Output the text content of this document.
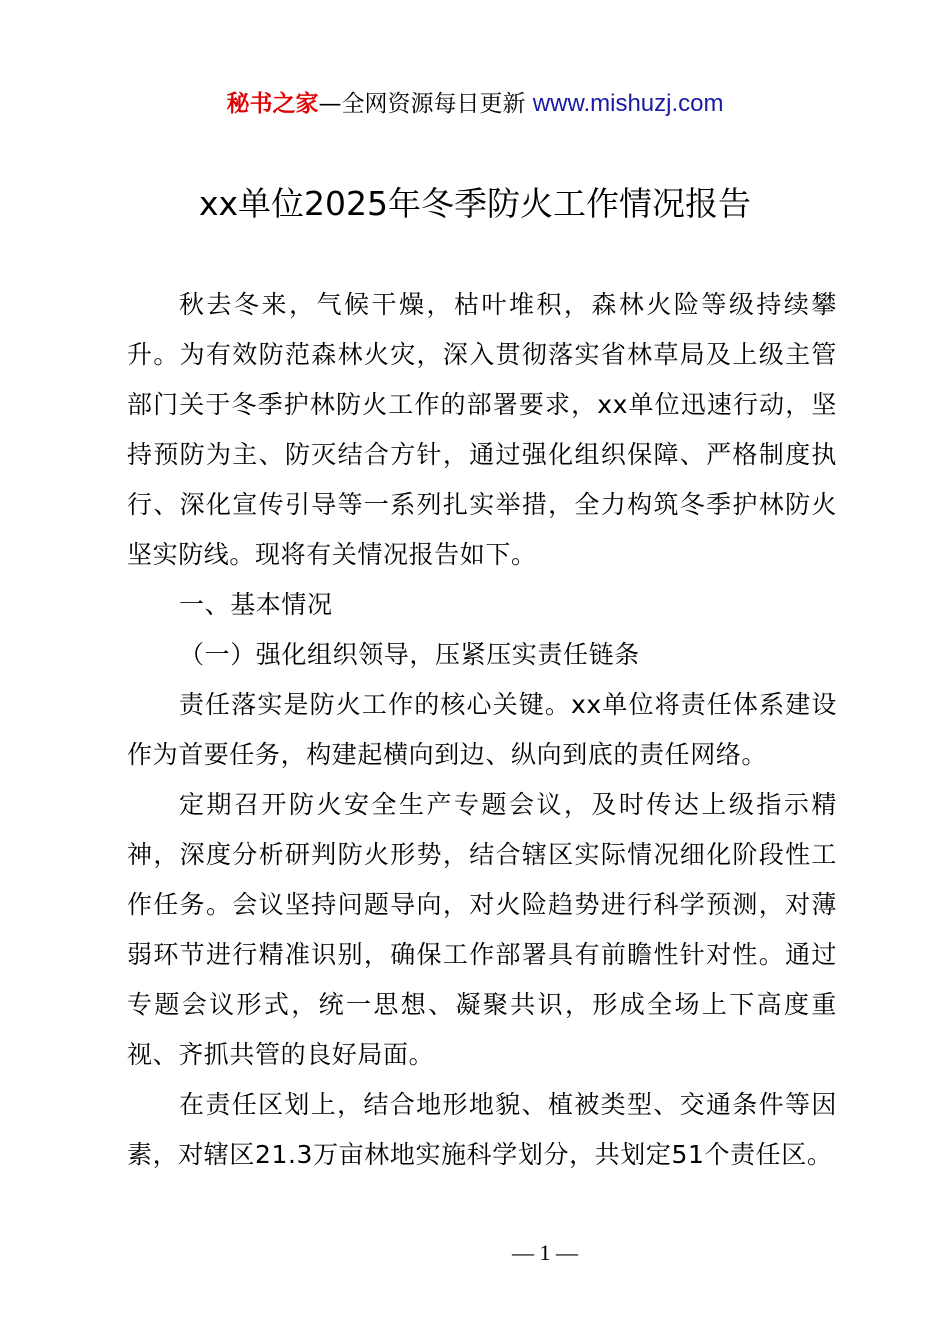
秘书之家—全网资源每日更新 www.mishuzj.com
xx单位2025年冬季防火工作情况报告

秋去冬来，气候干燥，枯叶堆积，森林火险等级持续攀升。为有效防范森林火灾，深入贯彻落实省林草局及上级主管部门关于冬季护林防火工作的部署要求，xx单位迅速行动，坚持预防为主、防灭结合方针，通过强化组织保障、严格制度执行、深化宣传引导等一系列扎实举措，全力构筑冬季护林防火坚实防线。现将有关情况报告如下。

一、基本情况

（一）强化组织领导，压紧压实责任链条

责任落实是防火工作的核心关键。xx单位将责任体系建设作为首要任务，构建起横向到边、纵向到底的责任网络。

定期召开防火安全生产专题会议，及时传达上级指示精神，深度分析研判防火形势，结合辖区实际情况细化阶段性工作任务。会议坚持问题导向，对火险趋势进行科学预测，对薄弱环节进行精准识别，确保工作部署具有前瞻性针对性。通过专题会议形式，统一思想、凝聚共识，形成全场上下高度重视、齐抓共管的良好局面。

在责任区划上，结合地形地貌、植被类型、交通条件等因素，对辖区21.3万亩林地实施科学划分，共划定51个责任区。

— 1 —
